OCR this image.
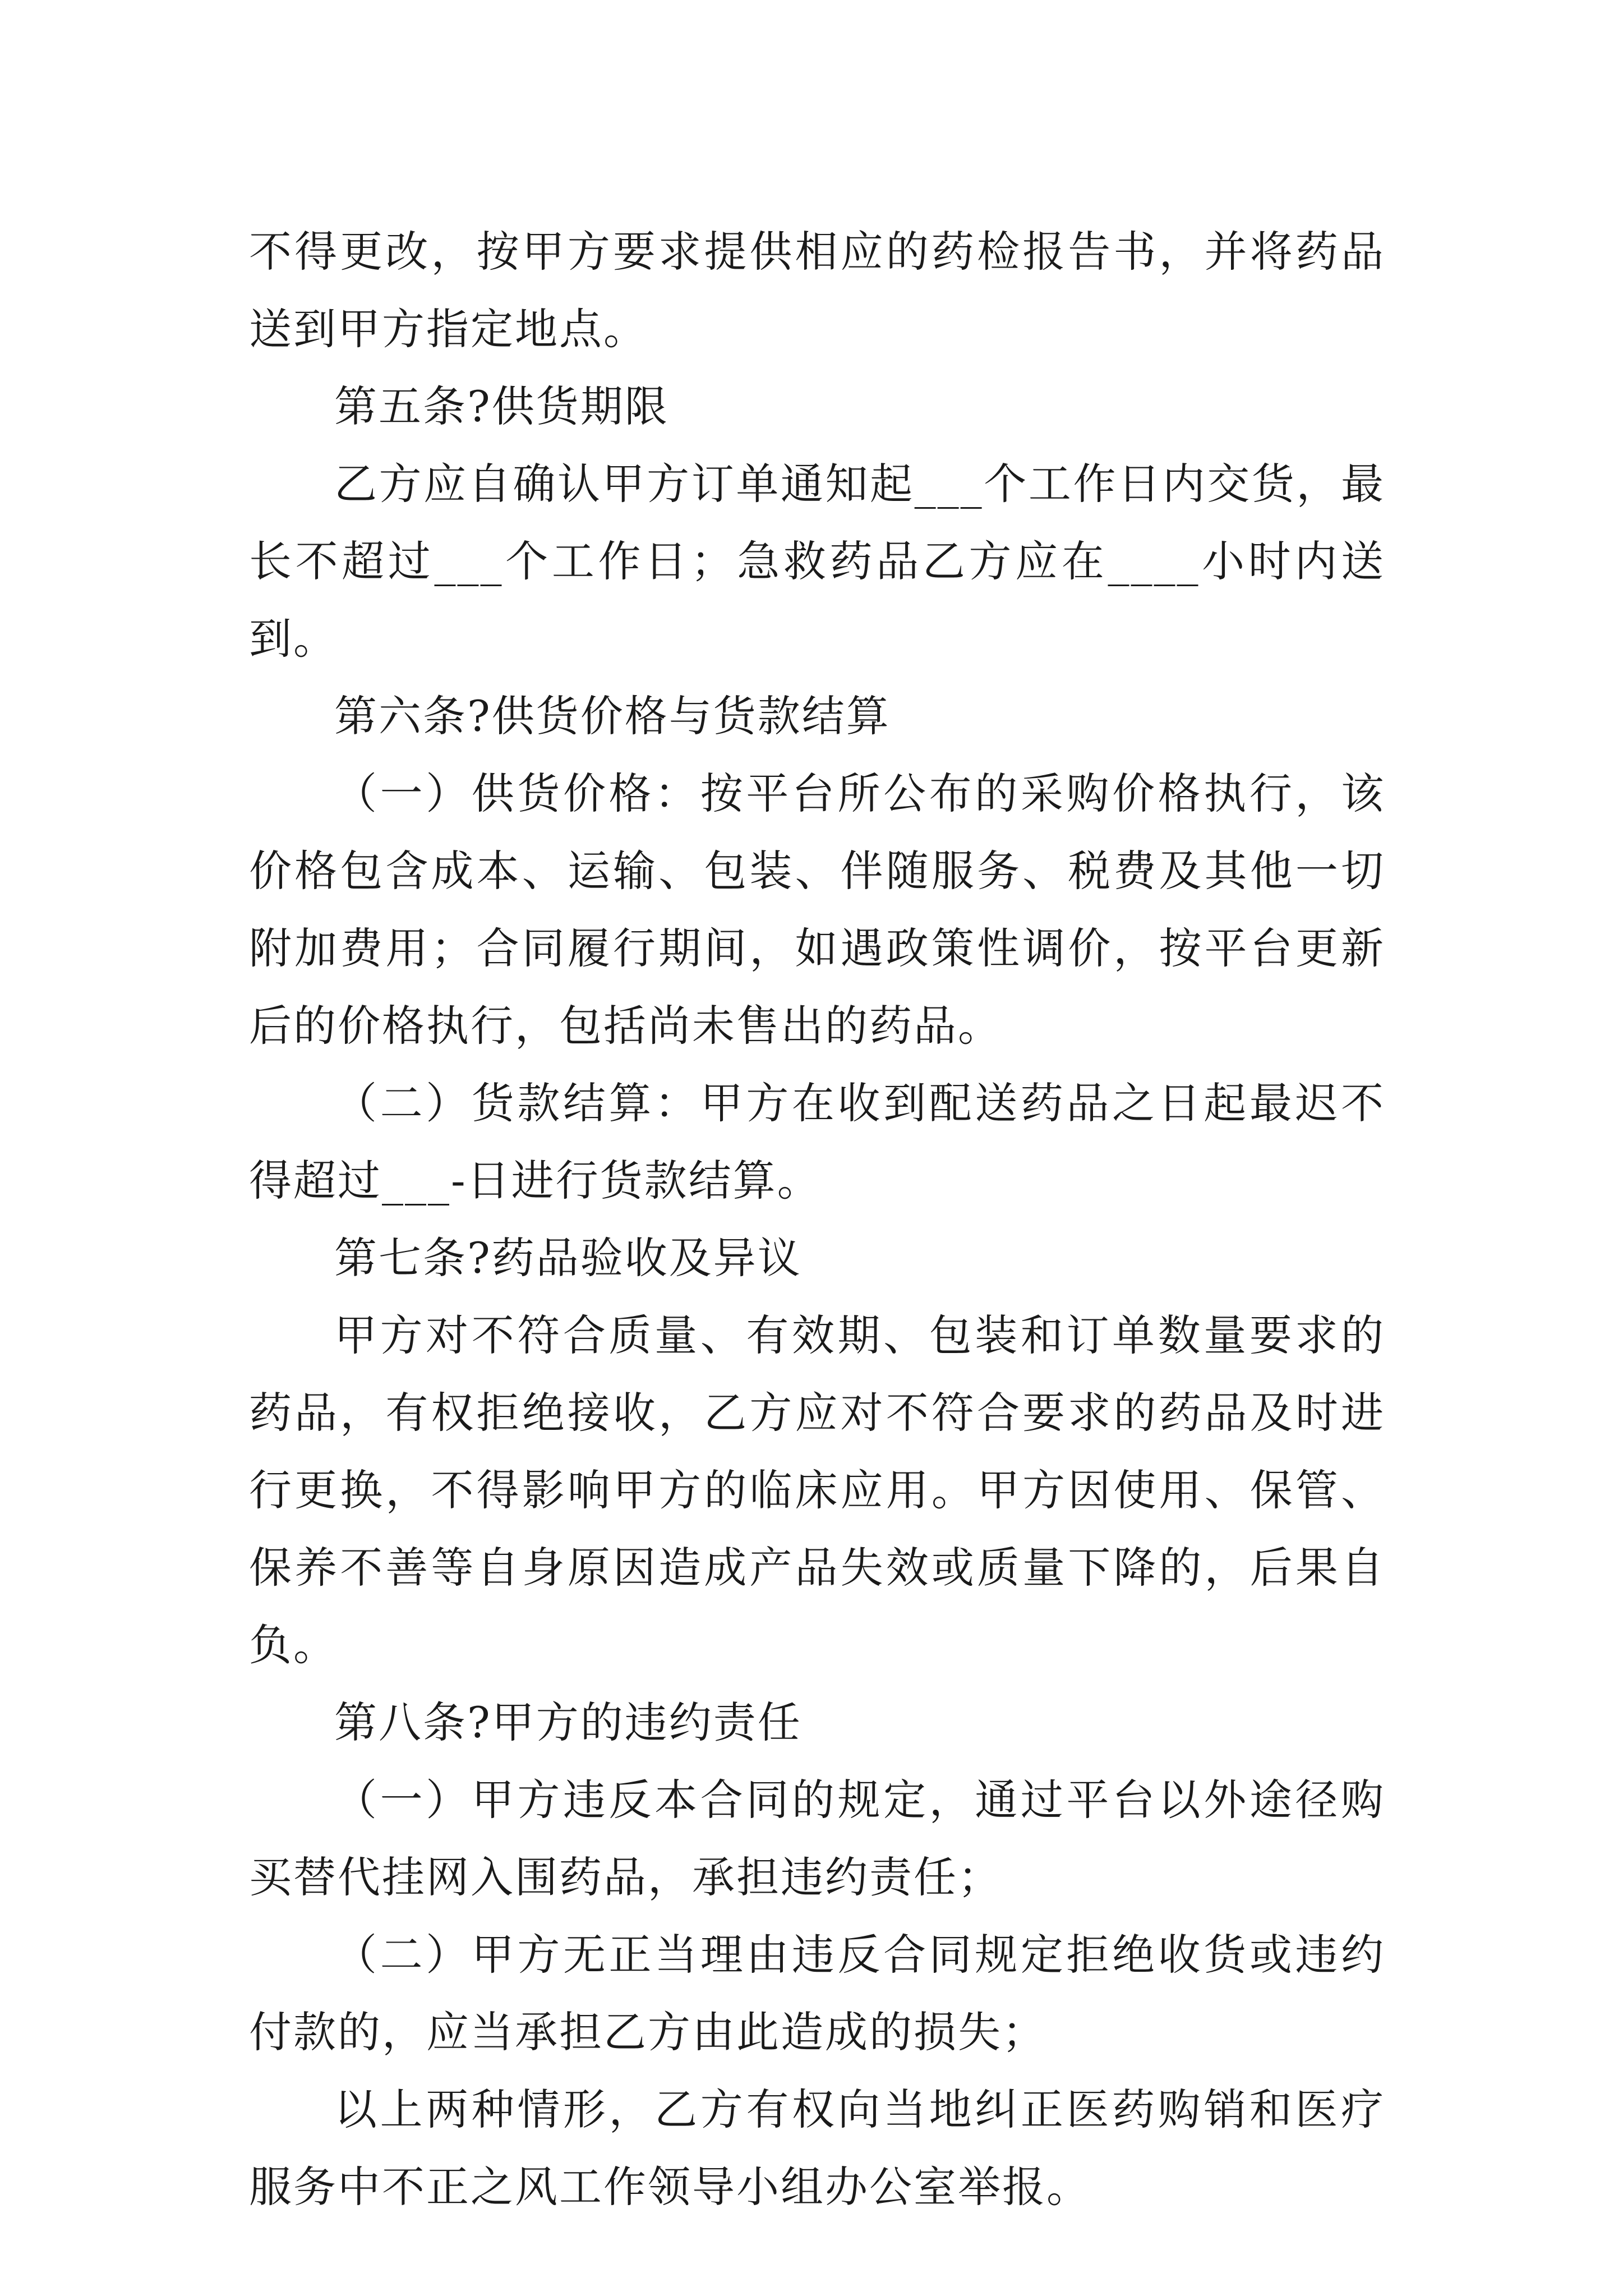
不得更改，按甲方要求提供相应的药检报告书，并将药品送到甲方指定地点。

第五条?供货期限

乙方应自确认甲方订单通知起___个工作日内交货，最长不超过___个工作日；急救药品乙方应在____小时内送到。

第六条?供货价格与货款结算

（一）供货价格：按平台所公布的采购价格执行，该价格包含成本、运输、包装、伴随服务、税费及其他一切附加费用；合同履行期间，如遇政策性调价，按平台更新后的价格执行，包括尚未售出的药品。

（二）货款结算：甲方在收到配送药品之日起最迟不得超过___-日进行货款结算。

第七条?药品验收及异议

甲方对不符合质量、有效期、包装和订单数量要求的药品，有权拒绝接收，乙方应对不符合要求的药品及时进行更换，不得影响甲方的临床应用。甲方因使用、保管、保养不善等自身原因造成产品失效或质量下降的，后果自负。

第八条?甲方的违约责任

（一）甲方违反本合同的规定，通过平台以外途径购买替代挂网入围药品，承担违约责任；

（二）甲方无正当理由违反合同规定拒绝收货或违约付款的，应当承担乙方由此造成的损失；

以上两种情形，乙方有权向当地纠正医药购销和医疗服务中不正之风工作领导小组办公室举报。
